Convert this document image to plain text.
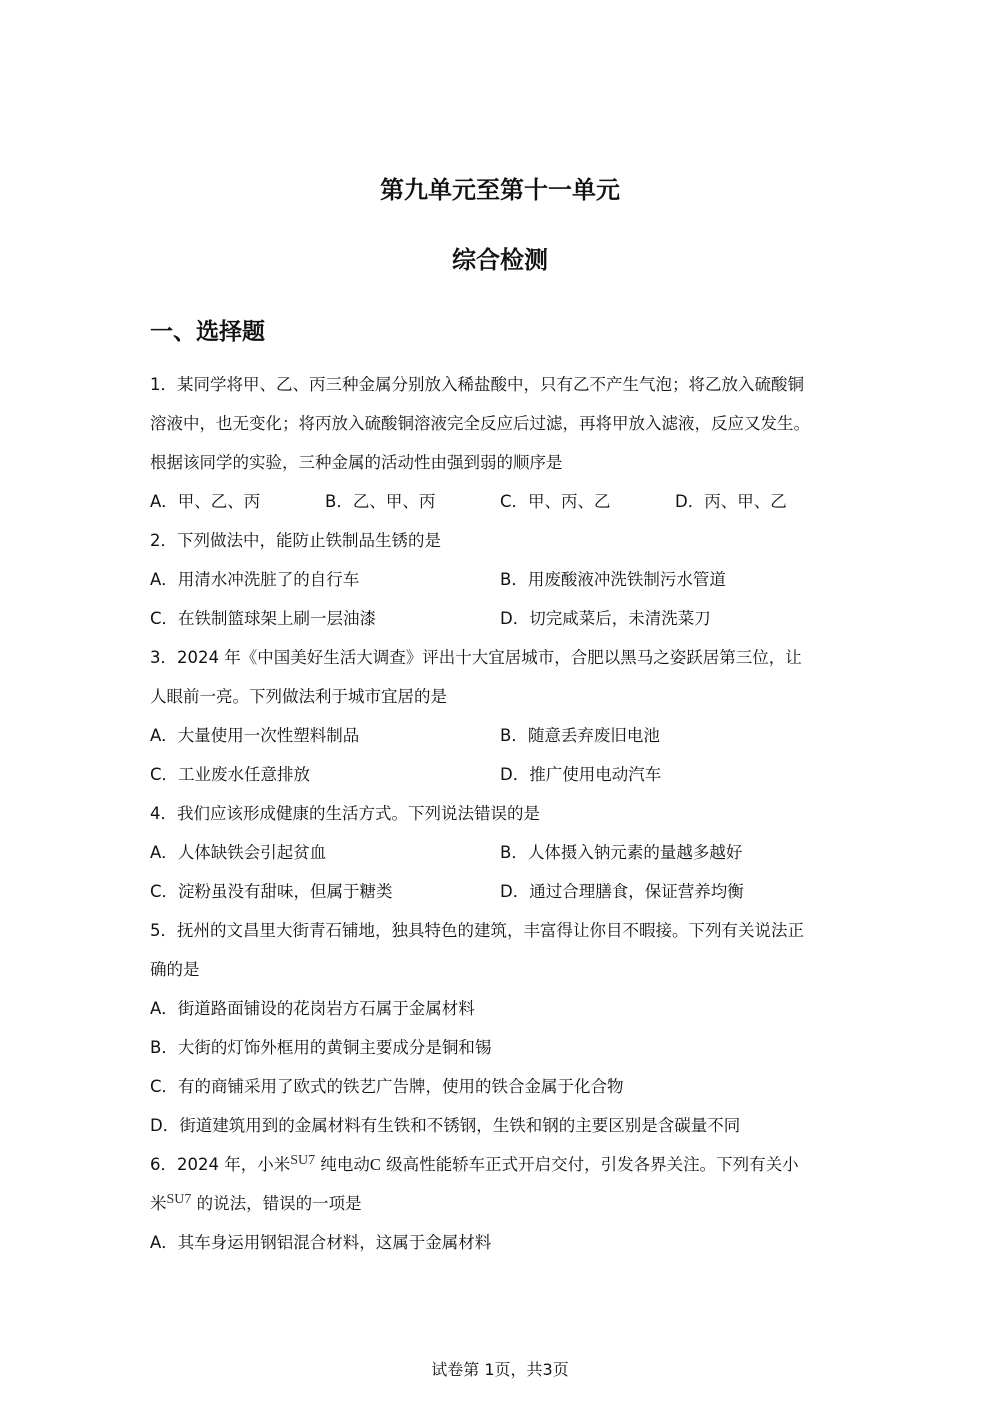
第九单元至第十一单元
综合检测
一、选择题
1．某同学将甲、乙、丙三种金属分别放入稀盐酸中，只有乙不产生气泡；将乙放入硫酸铜
溶液中，也无变化；将丙放入硫酸铜溶液完全反应后过滤，再将甲放入滤液，反应又发生。
根据该同学的实验，三种金属的活动性由强到弱的顺序是
A．甲、乙、丙	B．乙、甲、丙	C．甲、丙、乙	D．丙、甲、乙
2．下列做法中，能防止铁制品生锈的是
A．用清水冲洗脏了的自行车	B．用废酸液冲洗铁制污水管道
C．在铁制篮球架上刷一层油漆	D．切完咸菜后，未清洗菜刀
3．2024 年《中国美好生活大调查》评出十大宜居城市，合肥以黑马之姿跃居第三位，让
人眼前一亮。下列做法利于城市宜居的是
A．大量使用一次性塑料制品	B．随意丢弃废旧电池
C．工业废水任意排放	D．推广使用电动汽车
4．我们应该形成健康的生活方式。下列说法错误的是
A．人体缺铁会引起贫血	B．人体摄入钠元素的量越多越好
C．淀粉虽没有甜味，但属于糖类	D．通过合理膳食，保证营养均衡
5．抚州的文昌里大街青石铺地，独具特色的建筑，丰富得让你目不暇接。下列有关说法正
确的是
A．街道路面铺设的花岗岩方石属于金属材料
B．大街的灯饰外框用的黄铜主要成分是铜和锡
C．有的商铺采用了欧式的铁艺广告牌，使用的铁合金属于化合物
D．街道建筑用到的金属材料有生铁和不锈钢，生铁和钢的主要区别是含碳量不同
6．2024 年，小米$^{SU7}$ 纯电动C 级高性能轿车正式开启交付，引发各界关注。下列有关小
米$^{SU7}$ 的说法，错误的一项是
A．其车身运用钢铝混合材料，这属于金属材料
试卷第 1页，共3页
